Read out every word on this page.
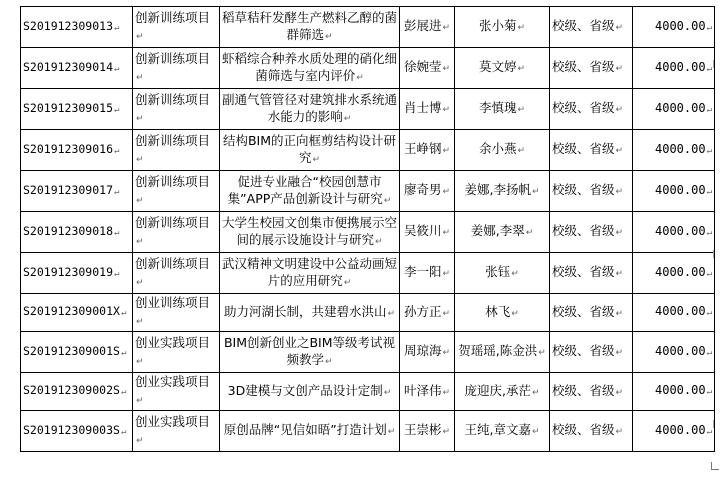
S201912309013↵	创新训练项目↵	稻草秸秆发酵生产燃料乙醇的菌群筛选↵	彭展进↵	张小菊↵	校级、省级↵	4000.00↵
S201912309014↵	创新训练项目↵	虾稻综合种养水质处理的硝化细菌筛选与室内评价↵	徐婉莹↵	莫文婷↵	校级、省级↵	4000.00↵
S201912309015↵	创新训练项目↵	副通气管管径对建筑排水系统通水能力的影响↵	肖士博↵	李慎瑰↵	校级、省级↵	4000.00↵
S201912309016↵	创新训练项目↵	结构BIM的正向框剪结构设计研究↵	王峥钢↵	余小燕↵	校级、省级↵	4000.00↵
S201912309017↵	创新训练项目↵	促进专业融合“校园创慧市集”APP产品创新设计与研究↵	廖奇男↵	姜娜,李扬帆↵	校级、省级↵	4000.00↵
S201912309018↵	创新训练项目↵	大学生校园文创集市便携展示空间的展示设施设计与研究↵	吴筱川↵	姜娜,李翠↵	校级、省级↵	4000.00↵
S201912309019↵	创新训练项目↵	武汉精神文明建设中公益动画短片的应用研究↵	李一阳↵	张钰↵	校级、省级↵	4000.00↵
S201912309001X↵	创业训练项目↵	助力河湖长制，共建碧水洪山↵	孙方正↵	林飞↵	校级、省级↵	4000.00↵
S201912309001S↵	创业实践项目↵	BIM创新创业之BIM等级考试视频教学↵	周琼海↵	贺瑶瑶,陈金洪↵	校级、省级↵	4000.00↵
S201912309002S↵	创业实践项目↵	3D建模与文创产品设计定制↵	叶泽伟↵	庞迎庆,承茫↵	校级、省级↵	4000.00↵
S201912309003S↵	创业实践项目↵	原创品牌“见信如晤”打造计划↵	王崇彬↵	王纯,章文嘉↵	校级、省级↵	4000.00↵
